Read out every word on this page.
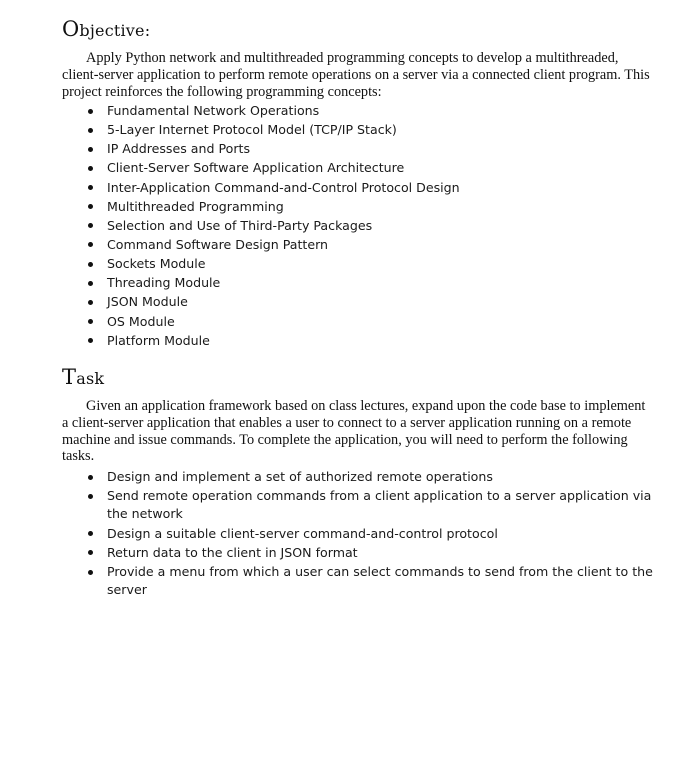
Objective:

Apply Python network and multithreaded programming concepts to develop a multithreaded, client-server application to perform remote operations on a server via a connected client program. This project reinforces the following programming concepts:

Fundamental Network Operations
5-Layer Internet Protocol Model (TCP/IP Stack)
IP Addresses and Ports
Client-Server Software Application Architecture
Inter-Application Command-and-Control Protocol Design
Multithreaded Programming
Selection and Use of Third-Party Packages
Command Software Design Pattern
Sockets Module
Threading Module
JSON Module
OS Module
Platform Module
Task

Given an application framework based on class lectures, expand upon the code base to implement a client-server application that enables a user to connect to a server application running on a remote machine and issue commands. To complete the application, you will need to perform the following tasks.

Design and implement a set of authorized remote operations
Send remote operation commands from a client application to a server application via the network
Design a suitable client-server command-and-control protocol
Return data to the client in JSON format
Provide a menu from which a user can select commands to send from the client to the server
